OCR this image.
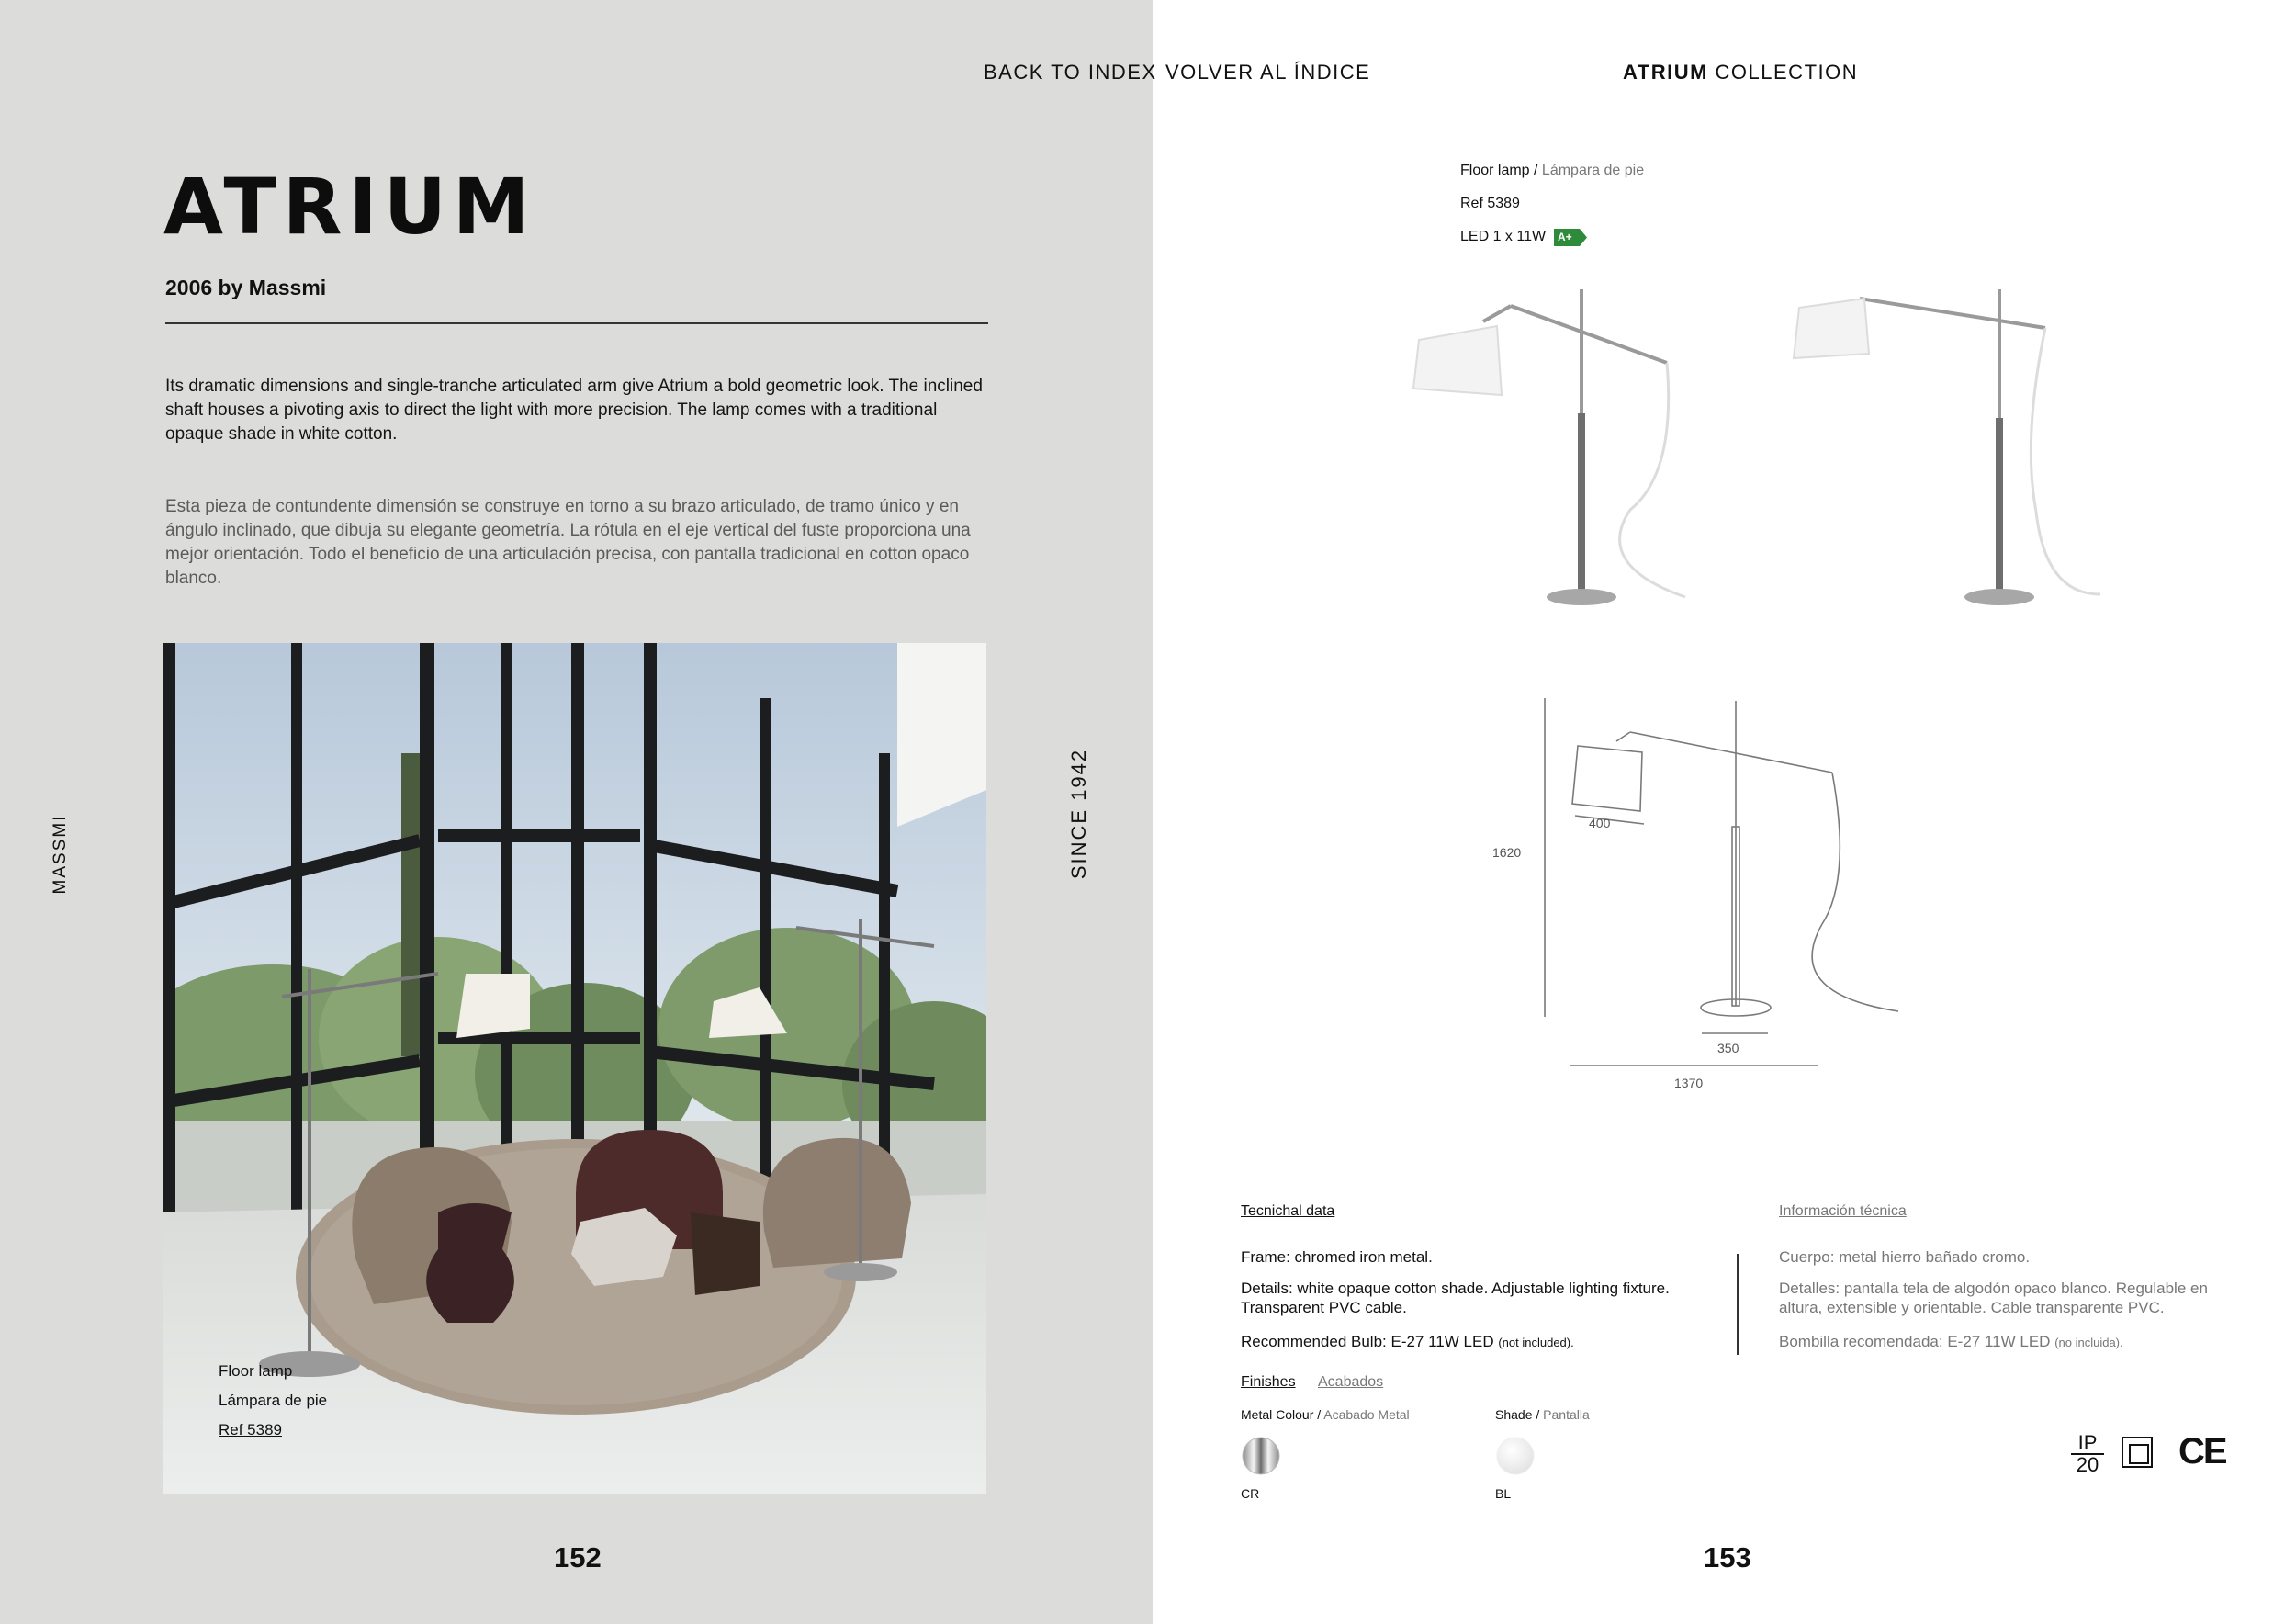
BACK TO INDEX VOLVER AL ÍNDICE	ATRIUM COLLECTION
ATRIUM
2006 by Massmi
Its dramatic dimensions and single-tranche articulated arm give Atrium a bold geometric look. The inclined shaft houses a pivoting axis to direct the light with more precision. The lamp comes with a traditional opaque shade in white cotton.
Esta pieza de contundente dimensión se construye en torno a su brazo articulado, de tramo único y en ángulo inclinado, que dibuja su elegante geometría. La rótula en el eje vertical del fuste proporciona una mejor orientación. Todo el beneficio de una articulación precisa, con pantalla tradicional en cotton opaco blanco.
Floor lamp
Lámpara de pie
Ref 5389
MASSMI	SINCE 1942
152
Floor lamp / Lámpara de pie
Ref 5389
LED 1 x 11W A+
400
1620
350
1370
Tecnichal data
Frame: chromed iron metal.
Details: white opaque cotton shade. Adjustable lighting fixture. Transparent PVC cable.
Recommended Bulb: E-27 11W LED (not included).
Información técnica
Cuerpo: metal hierro bañado cromo.
Detalles: pantalla tela de algodón opaco blanco. Regulable en altura, extensible y orientable. Cable transparente PVC.
Bombilla recomendada: E-27 11W LED (no incluida).
Finishes Acabados
Metal Colour / Acabado Metal	Shade / Pantalla
CR	BL
IP
20 CE
153
